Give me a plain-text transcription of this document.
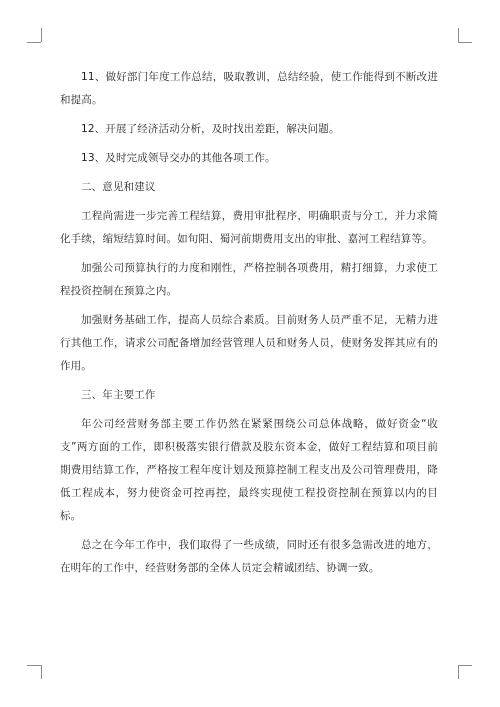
11、做好部门年度工作总结，吸取教训，总结经验，使工作能得到不断改进和提高。

12、开展了经济活动分析，及时找出差距，解决问题。

13、及时完成领导交办的其他各项工作。

二、意见和建议

工程尚需进一步完善工程结算，费用审批程序，明确职责与分工，并力求简化手续，缩短结算时间。如旬阳、蜀河前期费用支出的审批、嘉河工程结算等。

加强公司预算执行的力度和刚性，严格控制各项费用，精打细算，力求使工程投资控制在预算之内。

加强财务基础工作，提高人员综合素质。目前财务人员严重不足，无精力进行其他工作，请求公司配备增加经营管理人员和财务人员，使财务发挥其应有的作用。

三、年主要工作

年公司经营财务部主要工作仍然在紧紧围绕公司总体战略，做好资金“收支”两方面的工作，即积极落实银行借款及股东资本金，做好工程结算和项目前期费用结算工作，严格按工程年度计划及预算控制工程支出及公司管理费用，降低工程成本，努力使资金可控再控，最终实现使工程投资控制在预算以内的目标。

总之在今年工作中，我们取得了一些成绩，同时还有很多急需改进的地方，在明年的工作中，经营财务部的全体人员定会精诚团结、协调一致。
